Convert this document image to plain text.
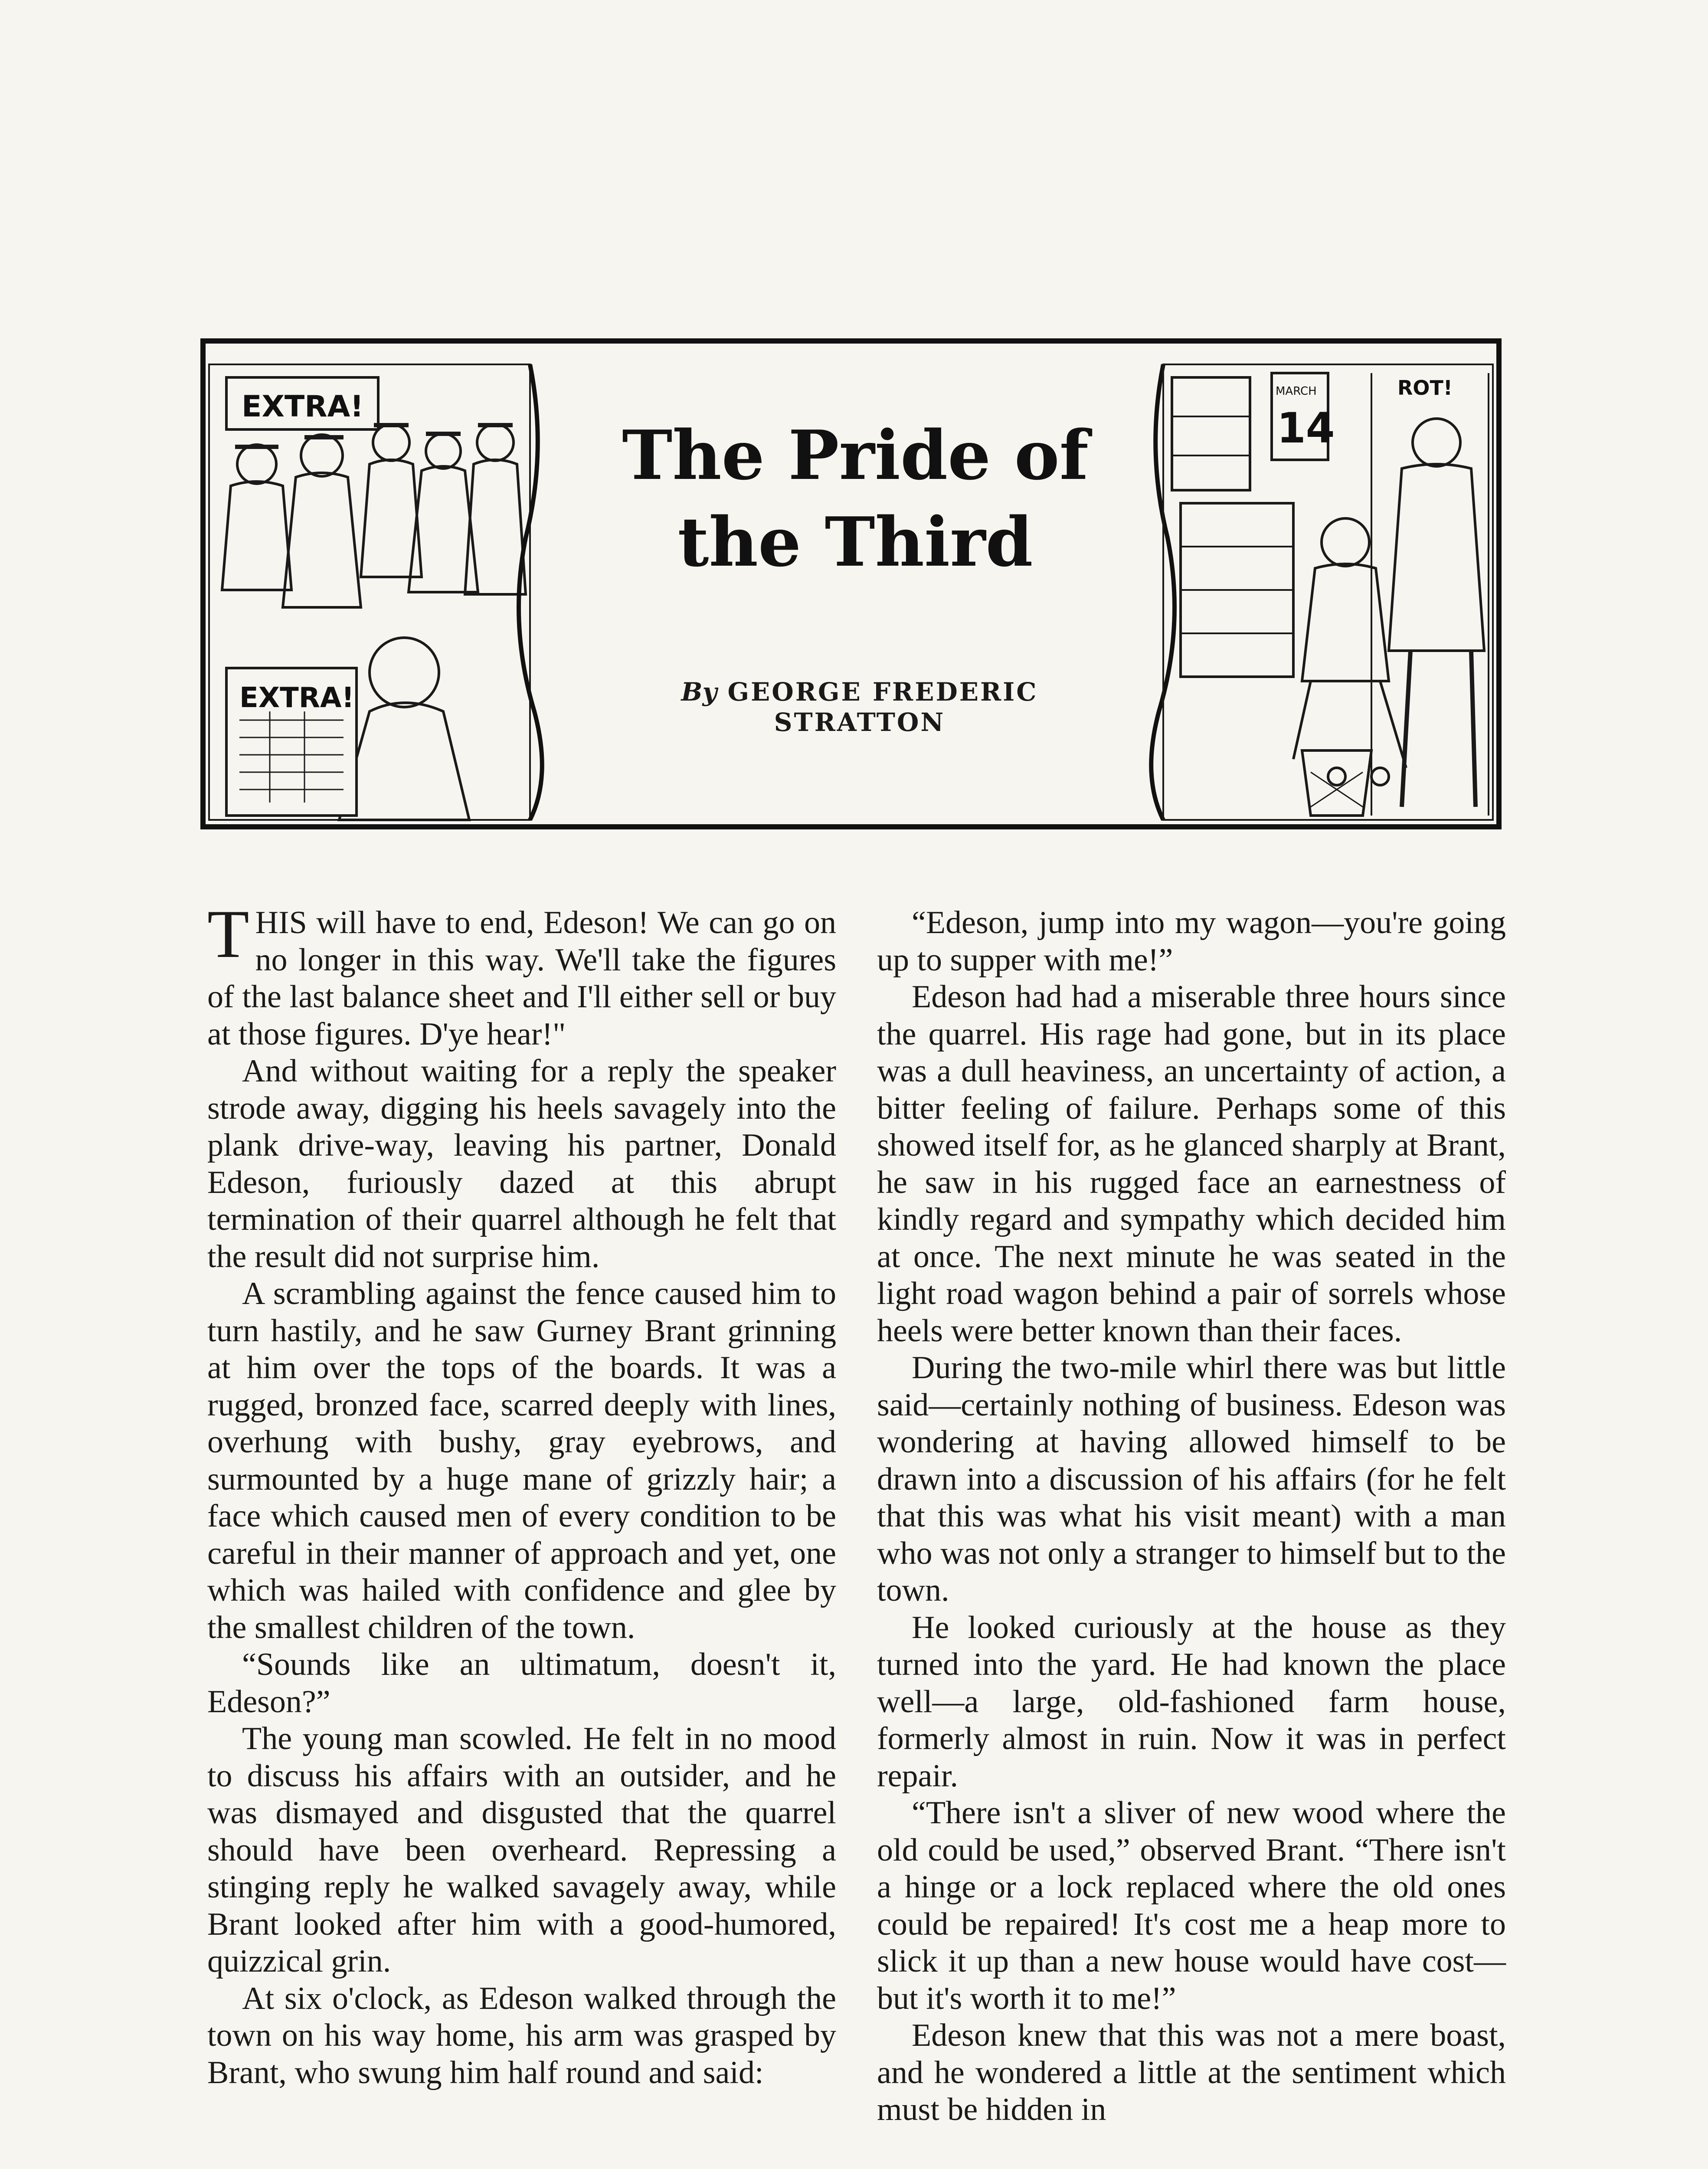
EXTRA!
EXTRA!
MARCH
14
ROT!
The Pride of
the Third
By GEORGE FREDERIC
STRATTON

THIS will have to end, Edeson! We can go on no longer in this way. We'll take the figures of the last balance sheet and I'll either sell or buy at those figures. D'ye hear!"

And without waiting for a reply the speaker strode away, digging his heels savagely into the plank drive-way, leaving his partner, Donald Edeson, furiously dazed at this abrupt termination of their quarrel although he felt that the result did not surprise him.

A scrambling against the fence caused him to turn hastily, and he saw Gurney Brant grinning at him over the tops of the boards. It was a rugged, bronzed face, scarred deeply with lines, overhung with bushy, gray eyebrows, and surmounted by a huge mane of grizzly hair; a face which caused men of every condition to be careful in their manner of approach and yet, one which was hailed with confidence and glee by the smallest children of the town.

“Sounds like an ultimatum, doesn't it, Edeson?”

The young man scowled. He felt in no mood to discuss his affairs with an outsider, and he was dismayed and disgusted that the quarrel should have been overheard. Repressing a stinging reply he walked savagely away, while Brant looked after him with a good-humored, quizzical grin.

At six o'clock, as Edeson walked through the town on his way home, his arm was grasped by Brant, who swung him half round and said:

“Edeson, jump into my wagon—you're going up to supper with me!”

Edeson had had a miserable three hours since the quarrel. His rage had gone, but in its place was a dull heaviness, an uncertainty of action, a bitter feeling of failure. Perhaps some of this showed itself for, as he glanced sharply at Brant, he saw in his rugged face an earnestness of kindly regard and sympathy which decided him at once. The next minute he was seated in the light road wagon behind a pair of sorrels whose heels were better known than their faces.

During the two-mile whirl there was but little said—certainly nothing of business. Edeson was wondering at having allowed himself to be drawn into a discussion of his affairs (for he felt that this was what his visit meant) with a man who was not only a stranger to himself but to the town.

He looked curiously at the house as they turned into the yard. He had known the place well—a large, old-fashioned farm house, formerly almost in ruin. Now it was in perfect repair.

“There isn't a sliver of new wood where the old could be used,” observed Brant. “There isn't a hinge or a lock replaced where the old ones could be repaired! It's cost me a heap more to slick it up than a new house would have cost—but it's worth it to me!”

Edeson knew that this was not a mere boast, and he wondered a little at the sentiment which must be hidden in
